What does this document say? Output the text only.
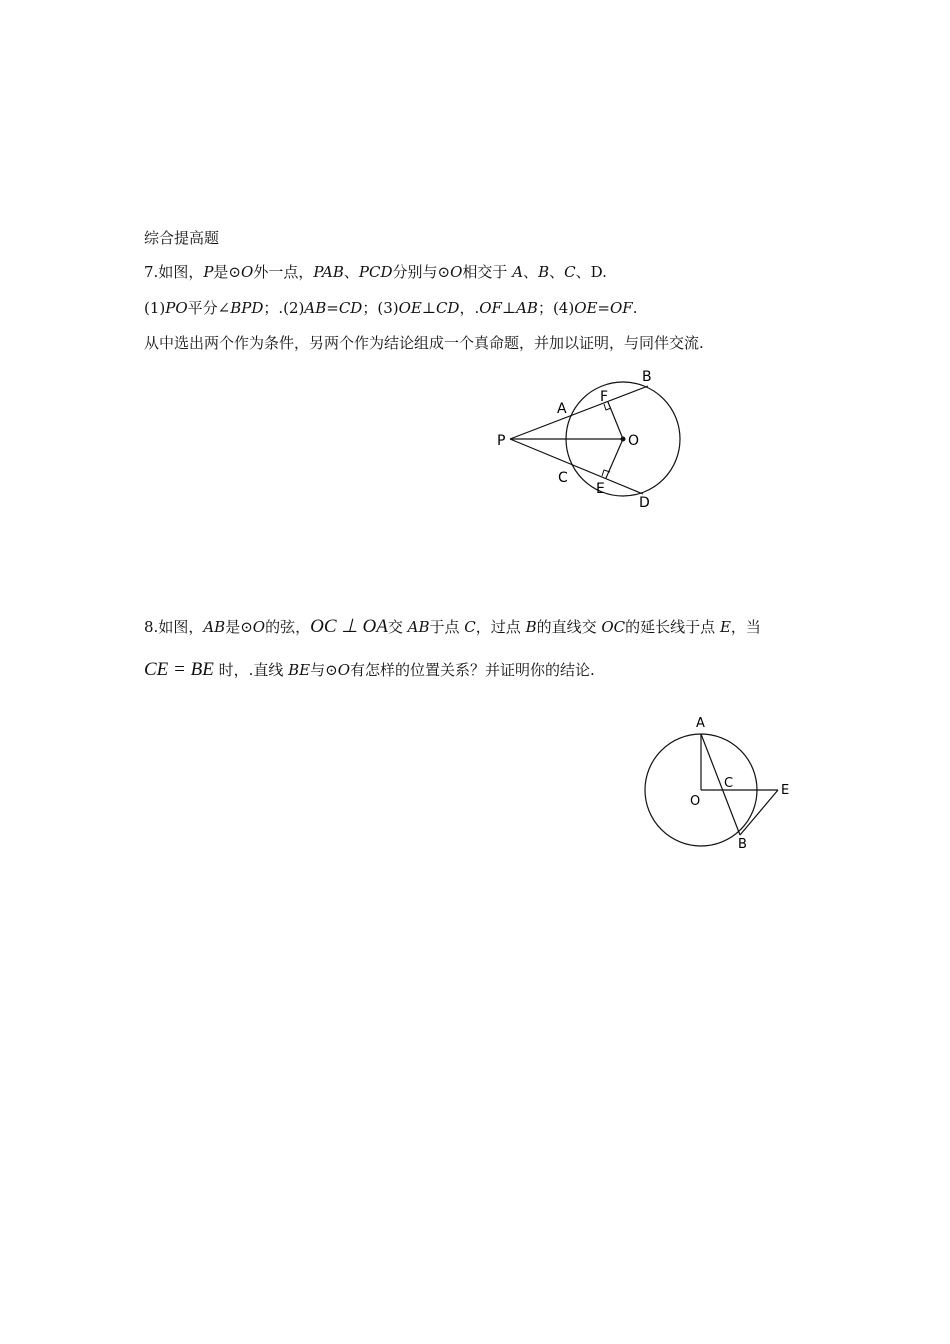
综合提高题
7.如图，P是⊙O外一点，PAB、PCD分别与⊙O相交于 A、B、C、D.
(1)PO平分∠BPD；.(2)AB=CD；(3)OE⊥CD，.OF⊥AB；(4)OE=OF.
从中选出两个作为条件，另两个作为结论组成一个真命题，并加以证明，与同伴交流.
B
A
F
P	O
C
E
D
8.如图，AB是⊙O的弦，OC ⊥ OA交 AB于点 C，过点 B的直线交 OC的延长线于点 E，当
CE = BE 时，.直线 BE与⊙O有怎样的位置关系？并证明你的结论.
A
C
O
E
B
